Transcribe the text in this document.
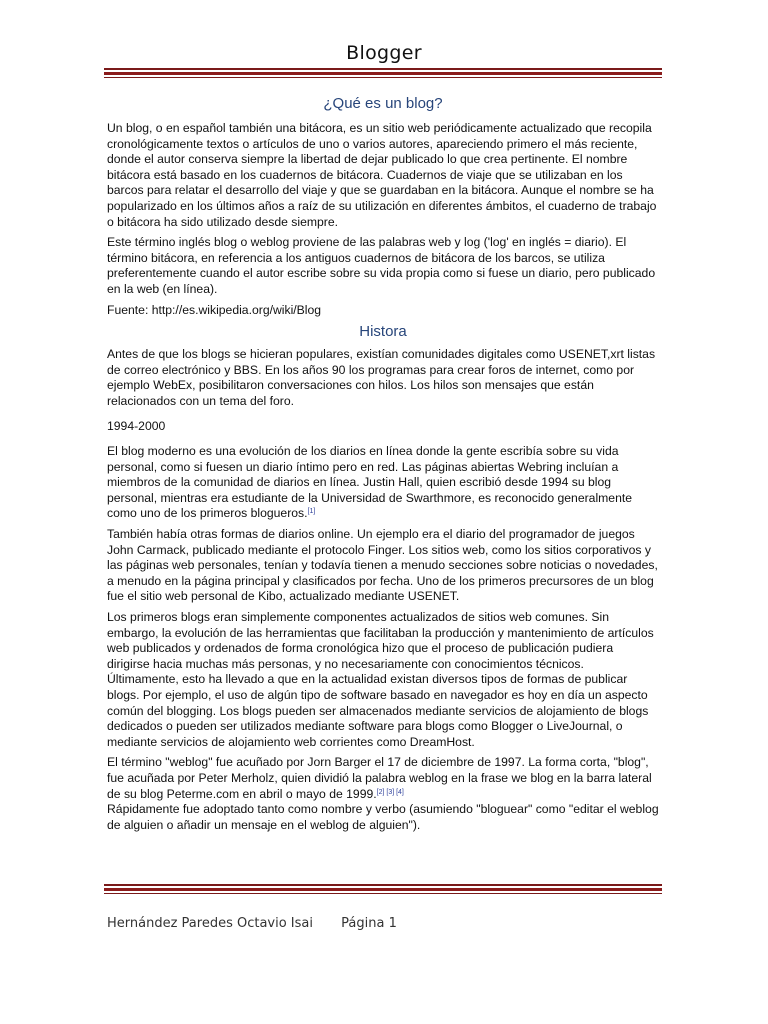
Blogger
¿Qué es un blog?

Un blog, o en español también una bitácora, es un sitio web periódicamente actualizado que recopila cronológicamente textos o artículos de uno o varios autores, apareciendo primero el más reciente, donde el autor conserva siempre la libertad de dejar publicado lo que crea pertinente. El nombre bitácora está basado en los cuadernos de bitácora. Cuadernos de viaje que se utilizaban en los barcos para relatar el desarrollo del viaje y que se guardaban en la bitácora. Aunque el nombre se ha popularizado en los últimos años a raíz de su utilización en diferentes ámbitos, el cuaderno de trabajo o bitácora ha sido utilizado desde siempre.

Este término inglés blog o weblog proviene de las palabras web y log ('log' en inglés = diario). El término bitácora, en referencia a los antiguos cuadernos de bitácora de los barcos, se utiliza preferentemente cuando el autor escribe sobre su vida propia como si fuese un diario, pero publicado en la web (en línea).

Fuente: http://es.wikipedia.org/wiki/Blog

Histora

Antes de que los blogs se hicieran populares, existían comunidades digitales como USENET,xrt listas de correo electrónico y BBS. En los años 90 los programas para crear foros de internet, como por ejemplo WebEx, posibilitaron conversaciones con hilos. Los hilos son mensajes que están relacionados con un tema del foro.

1994-2000

El blog moderno es una evolución de los diarios en línea donde la gente escribía sobre su vida personal, como si fuesen un diario íntimo pero en red. Las páginas abiertas Webring incluían a miembros de la comunidad de diarios en línea. Justin Hall, quien escribió desde 1994 su blog personal, mientras era estudiante de la Universidad de Swarthmore, es reconocido generalmente como uno de los primeros blogueros.[1]

También había otras formas de diarios online. Un ejemplo era el diario del programador de juegos John Carmack, publicado mediante el protocolo Finger. Los sitios web, como los sitios corporativos y las páginas web personales, tenían y todavía tienen a menudo secciones sobre noticias o novedades, a menudo en la página principal y clasificados por fecha. Uno de los primeros precursores de un blog fue el sitio web personal de Kibo, actualizado mediante USENET.

Los primeros blogs eran simplemente componentes actualizados de sitios web comunes. Sin embargo, la evolución de las herramientas que facilitaban la producción y mantenimiento de artículos web publicados y ordenados de forma cronológica hizo que el proceso de publicación pudiera dirigirse hacia muchas más personas, y no necesariamente con conocimientos técnicos. Últimamente, esto ha llevado a que en la actualidad existan diversos tipos de formas de publicar blogs. Por ejemplo, el uso de algún tipo de software basado en navegador es hoy en día un aspecto común del blogging. Los blogs pueden ser almacenados mediante servicios de alojamiento de blogs dedicados o pueden ser utilizados mediante software para blogs como Blogger o LiveJournal, o mediante servicios de alojamiento web corrientes como DreamHost.

El término "weblog" fue acuñado por Jorn Barger el 17 de diciembre de 1997. La forma corta, "blog", fue acuñada por Peter Merholz, quien dividió la palabra weblog en la frase we blog en la barra lateral de su blog Peterme.com en abril o mayo de 1999.[2] [3] [4]
Rápidamente fue adoptado tanto como nombre y verbo (asumiendo "bloguear" como "editar el weblog de alguien o añadir un mensaje en el weblog de alguien").

Hernández Paredes Octavio Isai Página 1
